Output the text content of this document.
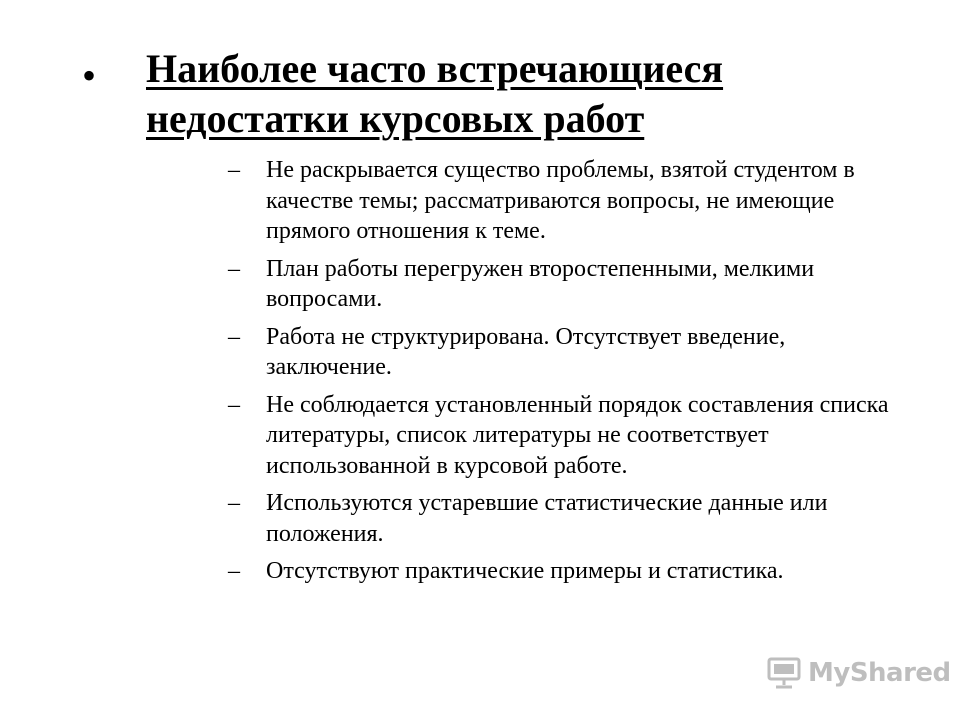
• Наиболее часто встречающиеся
недостатки курсовых работ
–	Не раскрывается существо проблемы, взятой студентом в качестве темы; рассматриваются вопросы, не имеющие прямого отношения к теме.
–	План работы перегружен второстепенными, мелкими вопросами.
–	Работа не структурирована. Отсутствует введение, заключение.
–	Не соблюдается установленный порядок составления списка литературы, список литературы не соответствует использованной в курсовой работе.
–	Используются устаревшие статистические данные или положения.
–	Отсутствуют практические примеры и статистика.
MyShared
